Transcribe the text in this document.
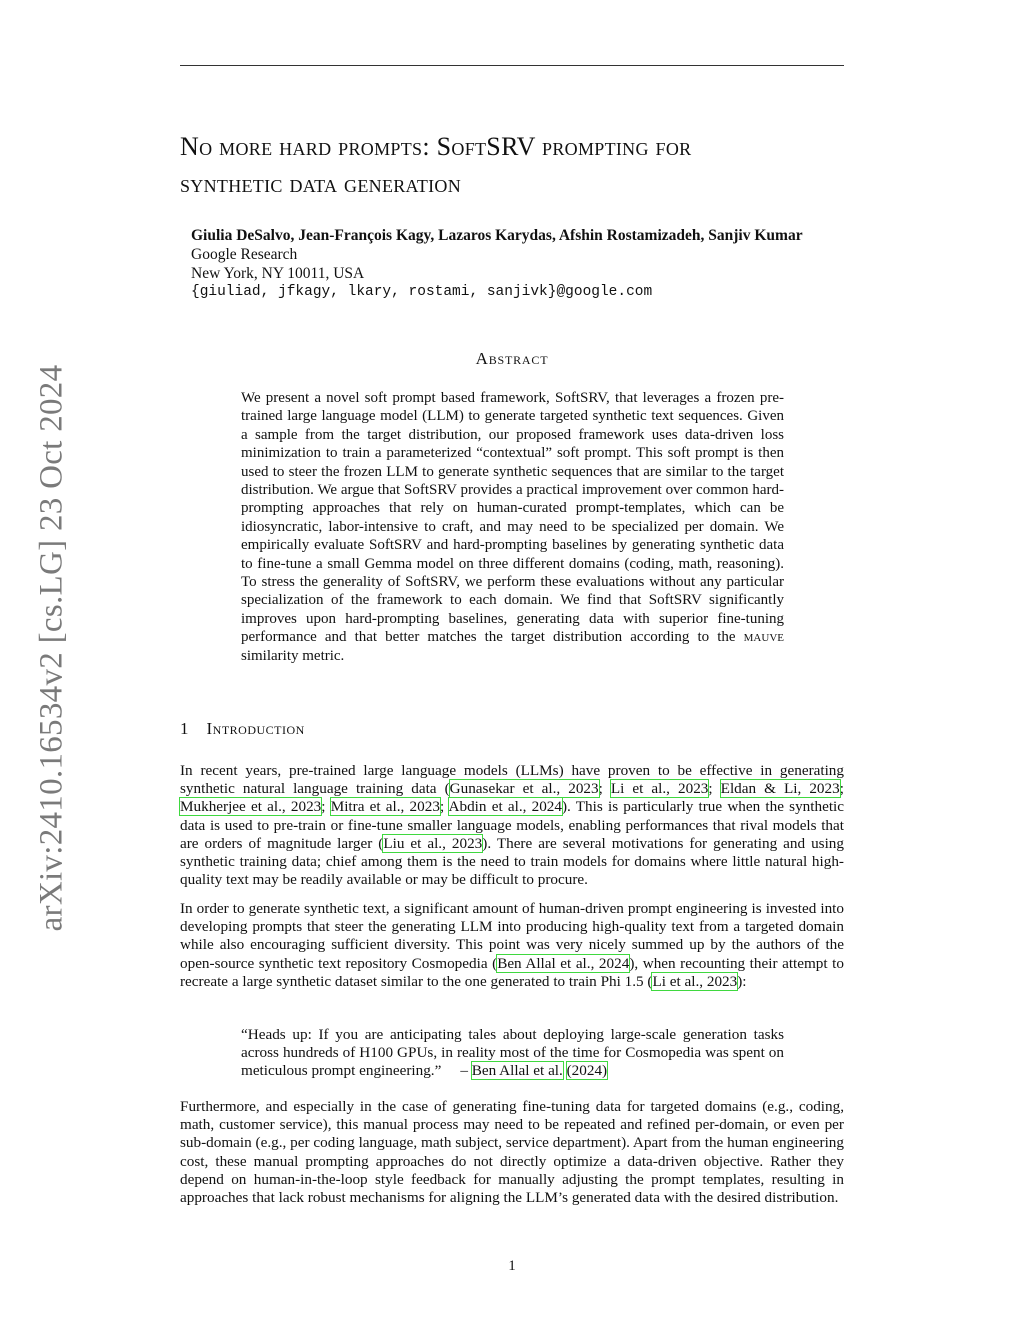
arXiv:2410.16534v2 [cs.LG] 23 Oct 2024
No more hard prompts: SoftSRV prompting for
synthetic data generation
Giulia DeSalvo, Jean-François Kagy, Lazaros Karydas, Afshin Rostamizadeh, Sanjiv Kumar
Google Research
New York, NY 10011, USA
{giuliad, jfkagy, lkary, rostami, sanjivk}@google.com
Abstract

We present a novel soft prompt based framework, SoftSRV, that leverages a frozen pre-trained large language model (LLM) to generate targeted synthetic text sequences. Given a sample from the target distribution, our proposed framework uses data-driven loss minimization to train a parameterized “contextual” soft prompt. This soft prompt is then used to steer the frozen LLM to generate synthetic sequences that are similar to the target distribution. We argue that SoftSRV provides a practical improvement over common hard-prompting approaches that rely on human-curated prompt-templates, which can be idiosyncratic, labor-intensive to craft, and may need to be specialized per domain. We empirically evaluate SoftSRV and hard-prompting baselines by generating synthetic data to fine-tune a small Gemma model on three different domains (coding, math, reasoning). To stress the generality of SoftSRV, we perform these evaluations without any particular specialization of the framework to each domain. We find that SoftSRV significantly improves upon hard-prompting baselines, generating data with superior fine-tuning performance and that better matches the target distribution according to the mauve similarity metric.

1 Introduction

In recent years, pre-trained large language models (LLMs) have proven to be effective in generating synthetic natural language training data (Gunasekar et al., 2023; Li et al., 2023; Eldan & Li, 2023; Mukherjee et al., 2023; Mitra et al., 2023; Abdin et al., 2024). This is particularly true when the synthetic data is used to pre-train or fine-tune smaller language models, enabling performances that rival models that are orders of magnitude larger (Liu et al., 2023). There are several motivations for generating and using synthetic training data; chief among them is the need to train models for domains where little natural high-quality text may be readily available or may be difficult to procure.

In order to generate synthetic text, a significant amount of human-driven prompt engineering is invested into developing prompts that steer the generating LLM into producing high-quality text from a targeted domain while also encouraging sufficient diversity. This point was very nicely summed up by the authors of the open-source synthetic text repository Cosmopedia (Ben Allal et al., 2024), when recounting their attempt to recreate a large synthetic dataset similar to the one generated to train Phi 1.5 (Li et al., 2023):

“Heads up: If you are anticipating tales about deploying large-scale generation tasks across hundreds of H100 GPUs, in reality most of the time for Cosmopedia was spent on meticulous prompt engineering.” – Ben Allal et al. (2024)

Furthermore, and especially in the case of generating fine-tuning data for targeted domains (e.g., coding, math, customer service), this manual process may need to be repeated and refined per-domain, or even per sub-domain (e.g., per coding language, math subject, service department). Apart from the human engineering cost, these manual prompting approaches do not directly optimize a data-driven objective. Rather they depend on human-in-the-loop style feedback for manually adjusting the prompt templates, resulting in approaches that lack robust mechanisms for aligning the LLM’s generated data with the desired distribution.

1
